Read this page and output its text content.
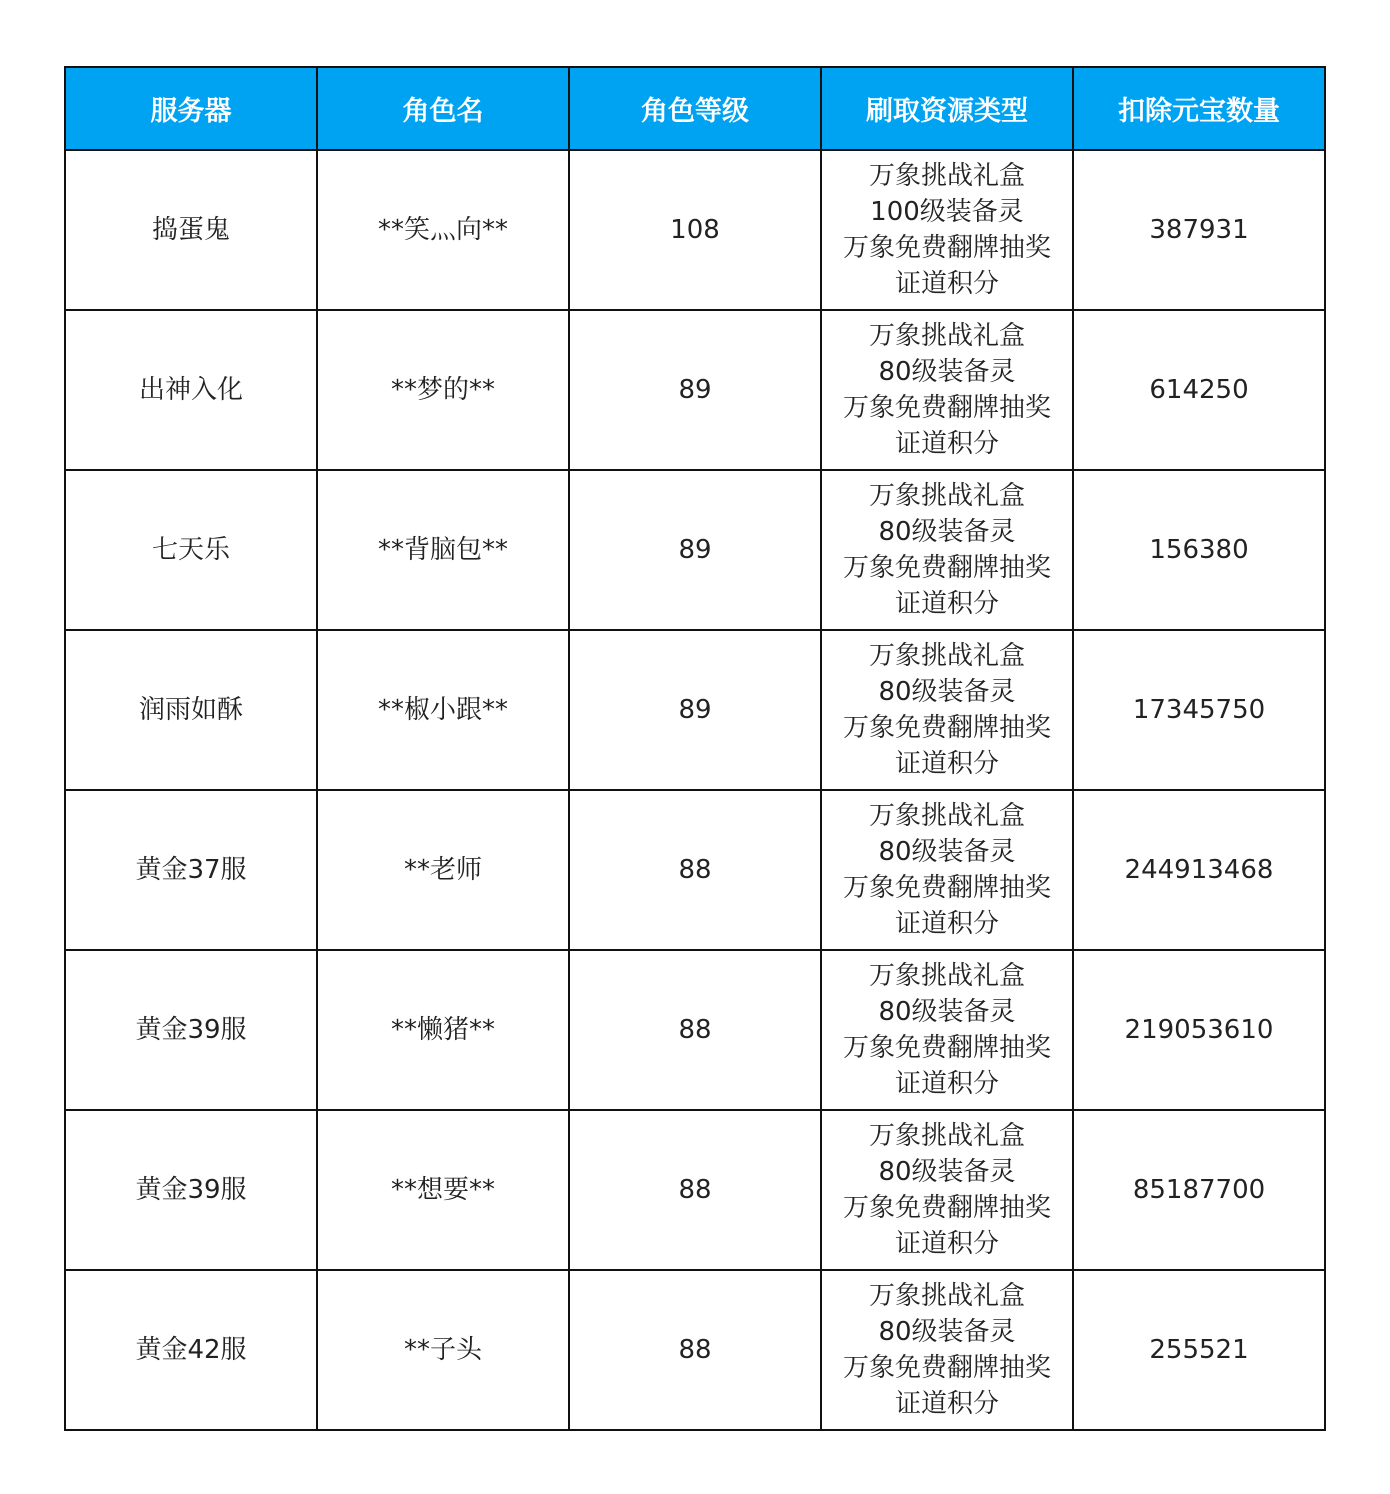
服务器	角色名	角色等级	刷取资源类型	扣除元宝数量
捣蛋鬼	**笑灬向**	108	万象挑战礼盒
100级装备灵
万象免费翻牌抽奖
证道积分	387931
出神入化	**梦的**	89	万象挑战礼盒
80级装备灵
万象免费翻牌抽奖
证道积分	614250
七天乐	**背脑包**	89	万象挑战礼盒
80级装备灵
万象免费翻牌抽奖
证道积分	156380
润雨如酥	**椒小跟**	89	万象挑战礼盒
80级装备灵
万象免费翻牌抽奖
证道积分	17345750
黄金37服	**老师	88	万象挑战礼盒
80级装备灵
万象免费翻牌抽奖
证道积分	244913468
黄金39服	**懒猪**	88	万象挑战礼盒
80级装备灵
万象免费翻牌抽奖
证道积分	219053610
黄金39服	**想要**	88	万象挑战礼盒
80级装备灵
万象免费翻牌抽奖
证道积分	85187700
黄金42服	**子头	88	万象挑战礼盒
80级装备灵
万象免费翻牌抽奖
证道积分	255521
